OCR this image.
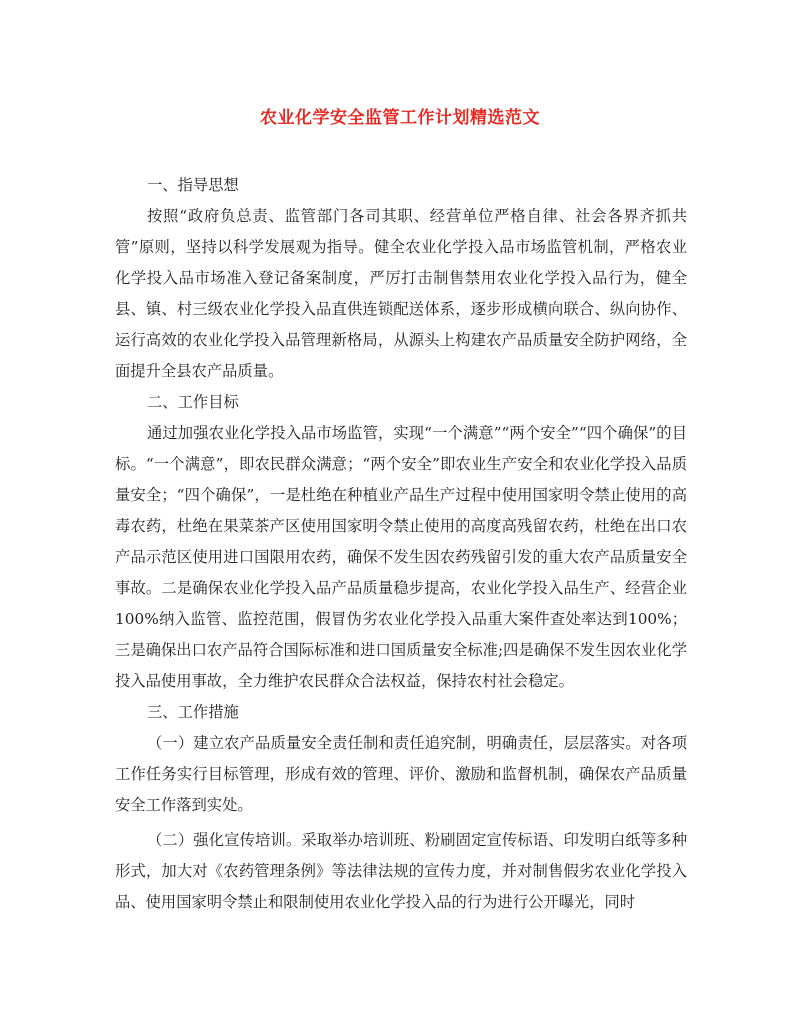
农业化学安全监管工作计划精选范文

一、指导思想

按照“政府负总责、监管部门各司其职、经营单位严格自律、社会各界齐抓共管”原则，坚持以科学发展观为指导。健全农业化学投入品市场监管机制，严格农业化学投入品市场准入登记备案制度，严厉打击制售禁用农业化学投入品行为，健全县、镇、村三级农业化学投入品直供连锁配送体系，逐步形成横向联合、纵向协作、运行高效的农业化学投入品管理新格局，从源头上构建农产品质量安全防护网络，全面提升全县农产品质量。

二、工作目标

通过加强农业化学投入品市场监管，实现“一个满意”“两个安全”“四个确保”的目标。“一个满意”，即农民群众满意；“两个安全”即农业生产安全和农业化学投入品质量安全；“四个确保”，一是杜绝在种植业产品生产过程中使用国家明令禁止使用的高毒农药，杜绝在果菜茶产区使用国家明令禁止使用的高度高残留农药，杜绝在出口农产品示范区使用进口国限用农药，确保不发生因农药残留引发的重大农产品质量安全事故。二是确保农业化学投入品产品质量稳步提高，农业化学投入品生产、经营企业100%纳入监管、监控范围，假冒伪劣农业化学投入品重大案件查处率达到100%；三是确保出口农产品符合国际标准和进口国质量安全标准;四是确保不发生因农业化学投入品使用事故，全力维护农民群众合法权益，保持农村社会稳定。

三、工作措施

（一）建立农产品质量安全责任制和责任追究制，明确责任，层层落实。对各项工作任务实行目标管理，形成有效的管理、评价、激励和监督机制，确保农产品质量安全工作落到实处。

（二）强化宣传培训。采取举办培训班、粉刷固定宣传标语、印发明白纸等多种形式，加大对《农药管理条例》等法律法规的宣传力度，并对制售假劣农业化学投入品、使用国家明令禁止和限制使用农业化学投入品的行为进行公开曝光，同时
